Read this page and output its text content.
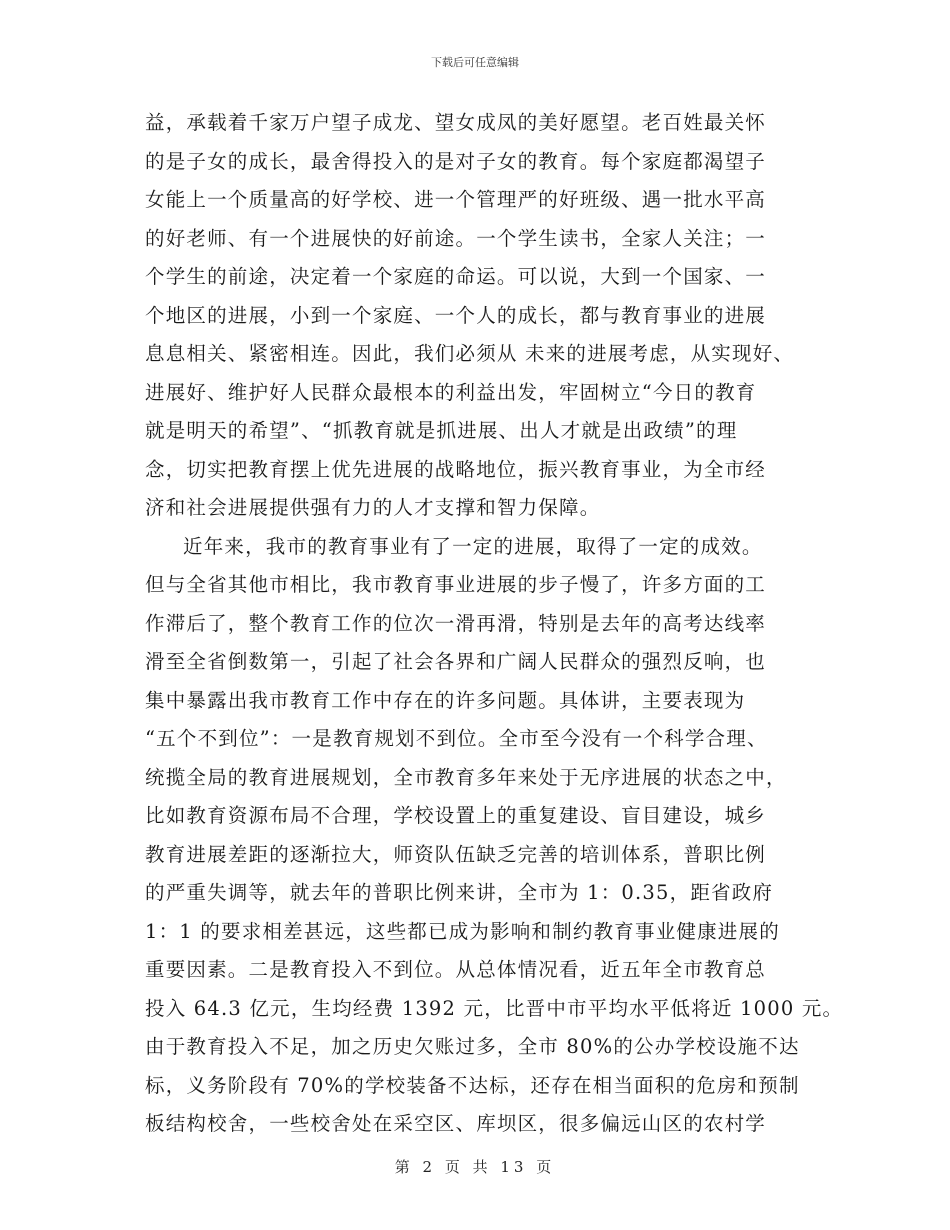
下载后可任意编辑
益，承载着千家万户望子成龙、望女成凤的美好愿望。老百姓最关怀
的是子女的成长，最舍得投入的是对子女的教育。每个家庭都渴望子
女能上一个质量高的好学校、进一个管理严的好班级、遇一批水平高
的好老师、有一个进展快的好前途。一个学生读书，全家人关注；一
个学生的前途，决定着一个家庭的命运。可以说，大到一个国家、一
个地区的进展，小到一个家庭、一个人的成长，都与教育事业的进展
息息相关、紧密相连。因此，我们必须从 未来的进展考虑，从实现好、
进展好、维护好人民群众最根本的利益出发，牢固树立“今日的教育
就是明天的希望”、“抓教育就是抓进展、出人才就是出政绩”的理
念，切实把教育摆上优先进展的战略地位，振兴教育事业，为全市经
济和社会进展提供强有力的人才支撑和智力保障。
近年来，我市的教育事业有了一定的进展，取得了一定的成效。
但与全省其他市相比，我市教育事业进展的步子慢了，许多方面的工
作滞后了，整个教育工作的位次一滑再滑，特别是去年的高考达线率
滑至全省倒数第一，引起了社会各界和广阔人民群众的强烈反响，也
集中暴露出我市教育工作中存在的许多问题。具体讲，主要表现为
“五个不到位”：一是教育规划不到位。全市至今没有一个科学合理、
统揽全局的教育进展规划，全市教育多年来处于无序进展的状态之中，
比如教育资源布局不合理，学校设置上的重复建设、盲目建设，城乡
教育进展差距的逐渐拉大，师资队伍缺乏完善的培训体系，普职比例
的严重失调等，就去年的普职比例来讲，全市为 1：0.35，距省政府
1：1 的要求相差甚远，这些都已成为影响和制约教育事业健康进展的
重要因素。二是教育投入不到位。从总体情况看，近五年全市教育总
投入 64.3 亿元，生均经费 1392 元，比晋中市平均水平低将近 1000 元。
由于教育投入不足，加之历史欠账过多，全市 80%的公办学校设施不达
标，义务阶段有 70%的学校装备不达标，还存在相当面积的危房和预制
板结构校舍，一些校舍处在采空区、库坝区，很多偏远山区的农村学
第 2 页 共 13 页
